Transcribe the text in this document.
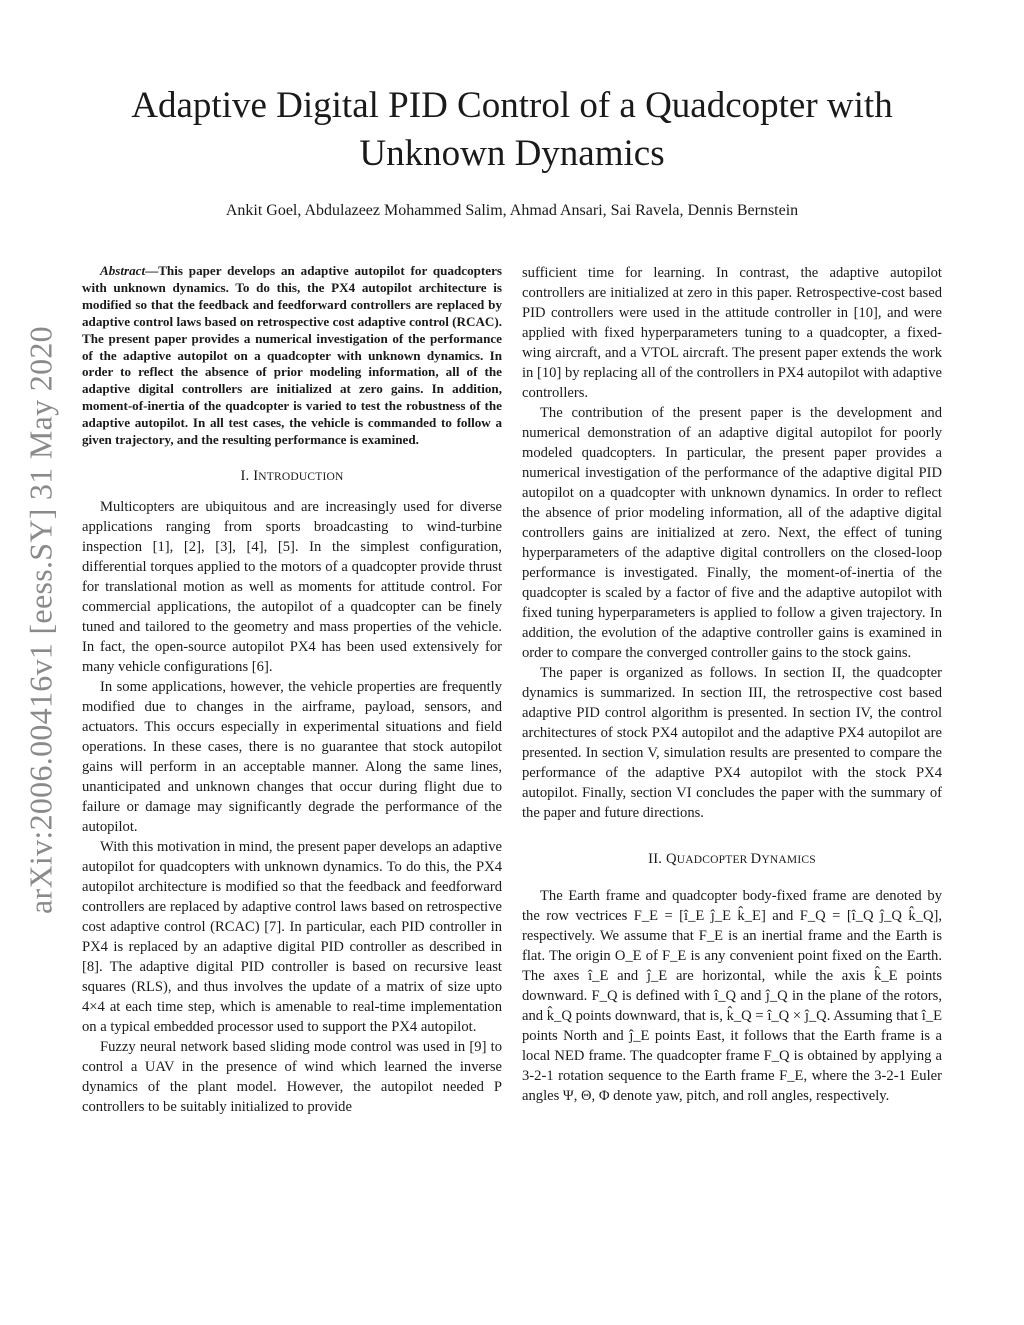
arXiv:2006.00416v1 [eess.SY] 31 May 2020
Adaptive Digital PID Control of a Quadcopter with Unknown Dynamics
Ankit Goel, Abdulazeez Mohammed Salim, Ahmad Ansari, Sai Ravela, Dennis Bernstein

Abstract—This paper develops an adaptive autopilot for quadcopters with unknown dynamics. To do this, the PX4 autopilot architecture is modified so that the feedback and feedforward controllers are replaced by adaptive control laws based on retrospective cost adaptive control (RCAC). The present paper provides a numerical investigation of the performance of the adaptive autopilot on a quadcopter with unknown dynamics. In order to reflect the absence of prior modeling information, all of the adaptive digital controllers are initialized at zero gains. In addition, moment-of-inertia of the quadcopter is varied to test the robustness of the adaptive autopilot. In all test cases, the vehicle is commanded to follow a given trajectory, and the resulting performance is examined.

I. INTRODUCTION

Multicopters are ubiquitous and are increasingly used for diverse applications ranging from sports broadcasting to wind-turbine inspection [1], [2], [3], [4], [5]. In the simplest configuration, differential torques applied to the motors of a quadcopter provide thrust for translational motion as well as moments for attitude control. For commercial applications, the autopilot of a quadcopter can be finely tuned and tailored to the geometry and mass properties of the vehicle. In fact, the open-source autopilot PX4 has been used extensively for many vehicle configurations [6].

In some applications, however, the vehicle properties are frequently modified due to changes in the airframe, payload, sensors, and actuators. This occurs especially in experimental situations and field operations. In these cases, there is no guarantee that stock autopilot gains will perform in an acceptable manner. Along the same lines, unanticipated and unknown changes that occur during flight due to failure or damage may significantly degrade the performance of the autopilot.

With this motivation in mind, the present paper develops an adaptive autopilot for quadcopters with unknown dynamics. To do this, the PX4 autopilot architecture is modified so that the feedback and feedforward controllers are replaced by adaptive control laws based on retrospective cost adaptive control (RCAC) [7]. In particular, each PID controller in PX4 is replaced by an adaptive digital PID controller as described in [8]. The adaptive digital PID controller is based on recursive least squares (RLS), and thus involves the update of a matrix of size upto 4×4 at each time step, which is amenable to real-time implementation on a typical embedded processor used to support the PX4 autopilot.

Fuzzy neural network based sliding mode control was used in [9] to control a UAV in the presence of wind which learned the inverse dynamics of the plant model. However, the autopilot needed P controllers to be suitably initialized to provide

sufficient time for learning. In contrast, the adaptive autopilot controllers are initialized at zero in this paper. Retrospective-cost based PID controllers were used in the attitude controller in [10], and were applied with fixed hyperparameters tuning to a quadcopter, a fixed-wing aircraft, and a VTOL aircraft. The present paper extends the work in [10] by replacing all of the controllers in PX4 autopilot with adaptive controllers.

The contribution of the present paper is the development and numerical demonstration of an adaptive digital autopilot for poorly modeled quadcopters. In particular, the present paper provides a numerical investigation of the performance of the adaptive digital PID autopilot on a quadcopter with unknown dynamics. In order to reflect the absence of prior modeling information, all of the adaptive digital controllers gains are initialized at zero. Next, the effect of tuning hyperparameters of the adaptive digital controllers on the closed-loop performance is investigated. Finally, the moment-of-inertia of the quadcopter is scaled by a factor of five and the adaptive autopilot with fixed tuning hyperparameters is applied to follow a given trajectory. In addition, the evolution of the adaptive controller gains is examined in order to compare the converged controller gains to the stock gains.

The paper is organized as follows. In section II, the quadcopter dynamics is summarized. In section III, the retrospective cost based adaptive PID control algorithm is presented. In section IV, the control architectures of stock PX4 autopilot and the adaptive PX4 autopilot are presented. In section V, simulation results are presented to compare the performance of the adaptive PX4 autopilot with the stock PX4 autopilot. Finally, section VI concludes the paper with the summary of the paper and future directions.

II. QUADCOPTER DYNAMICS

The Earth frame and quadcopter body-fixed frame are denoted by the row vectrices F_E = [î_E ĵ_E k̂_E] and F_Q = [î_Q ĵ_Q k̂_Q], respectively. We assume that F_E is an inertial frame and the Earth is flat. The origin O_E of F_E is any convenient point fixed on the Earth. The axes î_E and ĵ_E are horizontal, while the axis k̂_E points downward. F_Q is defined with î_Q and ĵ_Q in the plane of the rotors, and k̂_Q points downward, that is, k̂_Q = î_Q × ĵ_Q. Assuming that î_E points North and ĵ_E points East, it follows that the Earth frame is a local NED frame. The quadcopter frame F_Q is obtained by applying a 3-2-1 rotation sequence to the Earth frame F_E, where the 3-2-1 Euler angles Ψ, Θ, Φ denote yaw, pitch, and roll angles, respectively.
